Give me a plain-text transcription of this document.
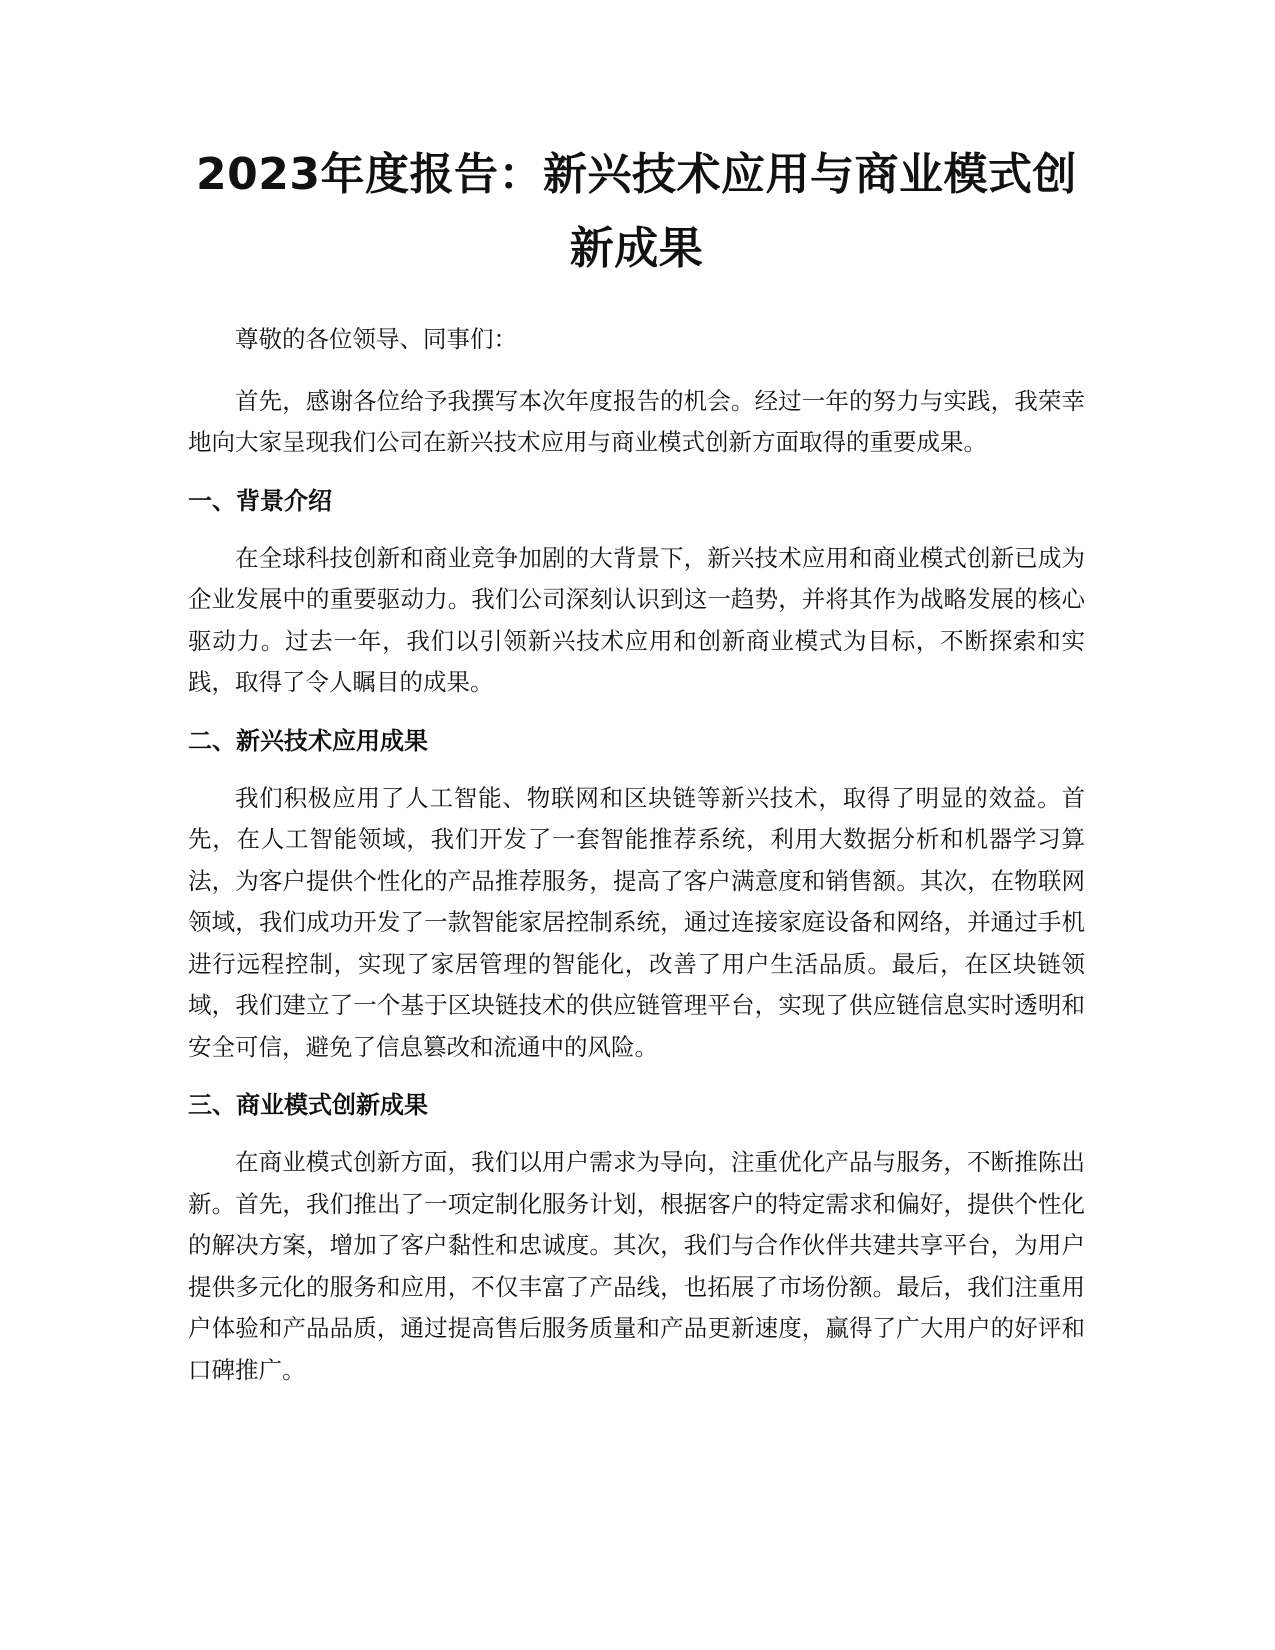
2023年度报告：新兴技术应用与商业模式创新成果

尊敬的各位领导、同事们：

首先，感谢各位给予我撰写本次年度报告的机会。经过一年的努力与实践，我荣幸地向大家呈现我们公司在新兴技术应用与商业模式创新方面取得的重要成果。

一、背景介绍

在全球科技创新和商业竞争加剧的大背景下，新兴技术应用和商业模式创新已成为企业发展中的重要驱动力。我们公司深刻认识到这一趋势，并将其作为战略发展的核心驱动力。过去一年，我们以引领新兴技术应用和创新商业模式为目标，不断探索和实践，取得了令人瞩目的成果。

二、新兴技术应用成果

我们积极应用了人工智能、物联网和区块链等新兴技术，取得了明显的效益。首先，在人工智能领域，我们开发了一套智能推荐系统，利用大数据分析和机器学习算法，为客户提供个性化的产品推荐服务，提高了客户满意度和销售额。其次，在物联网领域，我们成功开发了一款智能家居控制系统，通过连接家庭设备和网络，并通过手机进行远程控制，实现了家居管理的智能化，改善了用户生活品质。最后，在区块链领域，我们建立了一个基于区块链技术的供应链管理平台，实现了供应链信息实时透明和安全可信，避免了信息篡改和流通中的风险。

三、商业模式创新成果

在商业模式创新方面，我们以用户需求为导向，注重优化产品与服务，不断推陈出新。首先，我们推出了一项定制化服务计划，根据客户的特定需求和偏好，提供个性化的解决方案，增加了客户黏性和忠诚度。其次，我们与合作伙伴共建共享平台，为用户提供多元化的服务和应用，不仅丰富了产品线，也拓展了市场份额。最后，我们注重用户体验和产品品质，通过提高售后服务质量和产品更新速度，赢得了广大用户的好评和口碑推广。
